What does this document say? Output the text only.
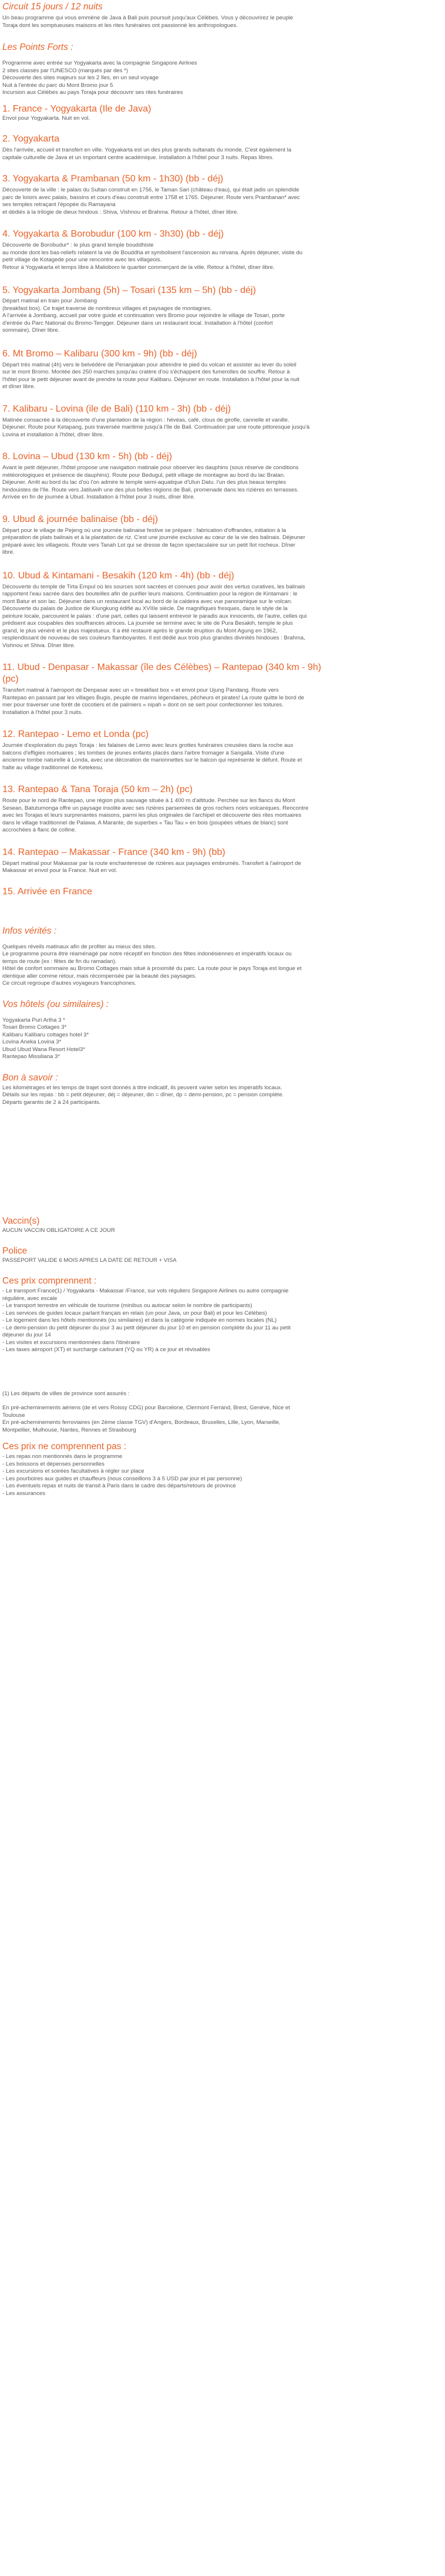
Circuit 15 jours / 12 nuits

Un beau programme qui vous emmène de Java à Bali puis poursuit jusqu'aux Célèbes. Vous y découvrirez le peuple
Toraja dont les somptueuses maisons et les rites funéraires ont passionné les anthropologues.

Les Points Forts :

Programme avec entrée sur Yogyakarta avec la compagnie Singapore Airlines

2 sites classés par l'UNESCO (marqués par des *)

Découverte des sites majeurs sur les 2 îles, en un seul voyage

Nuit à l'entrée du parc du Mont Bromo jour 5

Incursion aux Célèbes au pays Toraja pour découvrir ses rites funéraires

1. France - Yogyakarta (Ile de Java)

Envol pour Yogyakarta. Nuit en vol.

2. Yogyakarta

Dès l'arrivée, accueil et transfert en ville. Yogyakarta est un des plus grands sultanats du monde. C'est également la
capitale culturelle de Java et un important centre académique. Installation à l'hôtel pour 3 nuits. Repas libres.

3. Yogyakarta & Prambanan (50 km - 1h30) (bb - déj)

Découverte de la ville : le palais du Sultan construit en 1756, le Taman Sari (château d'eau), qui était jadis un splendide
parc de loisirs avec palais, bassins et cours d'eau construit entre 1758 et 1765. Déjeuner. Route vers Prambanan* avec
ses temples retraçant l'épopée du Ramayana
et dédiés à la trilogie de dieux hindous : Shiva, Vishnou et Brahma. Retour à l'hôtel, dîner libre.

4. Yogyakarta & Borobudur (100 km - 3h30) (bb - déj)

Découverte de Borobudur* : le plus grand temple bouddhiste
au monde dont les bas-reliefs relatent la vie de Bouddha et symbolisent l'ascension au nirvana. Après déjeuner, visite du
petit village de Kotagede pour une rencontre avec les villageois.
Retour à Yogyakarta et temps libre à Malioboro le quartier commerçant de la ville. Retour à l'hôtel, dîner libre.

5. Yogyakarta Jombang (5h) – Tosari (135 km – 5h) (bb - déj)

Départ matinal en train pour Jombang
(breakfast box). Ce trajet traverse de nombreux villages et paysages de montagnes.
A l'arrivée à Jombang, accueil par votre guide et continuation vers Bromo pour rejoindre le village de Tosari, porte
d'entrée du Parc National du Bromo-Tengger. Déjeuner dans un restaurant local. Installation à l'hôtel (confort
sommaire). Dîner libre.

6. Mt Bromo – Kalibaru (300 km - 9h) (bb - déj)

Départ très matinal (4h) vers le belvédère de Penanjakan pour atteindre le pied du volcan et assister au lever du soleil
sur le mont Bromo. Montée des 250 marches jusqu'au cratère d'où s'échappent des fumerolles de souffre. Retour à
l'hôtel pour le petit déjeuner avant de prendre la route pour Kalibaru. Déjeuner en route. Installation à l'hôtel pour la nuit
et dîner libre.

7. Kalibaru - Lovina (ile de Bali) (110 km - 3h) (bb - déj)

Matinée consacrée à la découverte d'une plantation de la région : hévéas, café, clous de girofle, cannelle et vanille.
Déjeuner. Route pour Ketapang, puis traversée maritime jusqu'à l'île de Bali. Continuation par une route pittoresque jusqu'à
Lovina et installation à l'hôtel, dîner libre.

8. Lovina – Ubud (130 km - 5h) (bb - déj)

Avant le petit déjeuner, l'hôtel propose une navigation matinale pour observer les dauphins (sous réserve de conditions
météorologiques et présence de dauphins). Route pour Bedugul, petit village de montagne au bord du lac Bratan.
Déjeuner. Arrêt au bord du lac d'où l'on admire le temple semi-aquatique d'Ulun Datu. l'un des plus beaux temples
hindouistes de l'île. Route vers Jatiluwih une des plus belles régions de Bali, promenade dans les rizières en terrasses.
Arrivée en fin de journée à Ubud. Installation à l'hôtel pour 3 nuits, dîner libre.

9. Ubud & journée balinaise (bb - déj)

Départ pour le village de Pejeng où une journée balinaise festive se prépare : fabrication d'offrandes, initiation à la
préparation de plats balinais et à la plantation de riz. C'est une journée exclusive au cœur de la vie des balinais. Déjeuner
préparé avec les villageois. Route vers Tanah Lot qui se dresse de façon spectaculaire sur un petit îlot rocheux. Dîner
libre.

10. Ubud & Kintamani - Besakih (120 km - 4h) (bb - déj)

Découverte du temple de Tirta Empul où les sources sont sacrées et connues pour avoir des vertus curatives, les balinais
rapportent l'eau sacrée dans des bouteilles afin de purifier leurs maisons. Continuation pour la région de Kintamani : le
mont Batur et son lac. Déjeuner dans un restaurant local au bord de la caldeira avec vue panoramique sur le volcan.
Découverte du palais de Justice de Klungkung édifié au XVIIIe siècle. De magnifiques fresques, dans le style de la
peinture locale, parcourent le palais : d'une part, celles qui laissent entrevoir le paradis aux innocents, de l'autre, celles qui
prédisent aux coupables des souffrances atroces. La journée se termine avec le site de Pura Besakih, temple le plus
grand, le plus vénéré et le plus majestueux. Il a été restauré après le grande éruption du Mont Agung en 1962,
resplendissant de nouveau de ses couleurs flamboyantes. Il est dédié aux trois plus grandes divinités hindoues : Brahma,
Vishnou et Shiva. Dîner libre.

11. Ubud - Denpasar - Makassar (île des Célèbes) – Rantepao (340 km - 9h)
(pc)

Transfert matinal à l'aéroport de Denpasar avec un « breakfast box » et envol pour Ujung Pandang. Route vers
Rantepao en passant par les villages Bugis, peuple de marins légendaires, pêcheurs et pirates! La route quitte le bord de
mer pour traverser une forêt de cocotiers et de palmiers « nipah » dont on se sert pour confectionner les toitures.
Installation à l'hôtel pour 3 nuits.

12. Rantepao - Lemo et Londa (pc)

Journée d'exploration du pays Toraja : les falaises de Lemo avec leurs grottes funéraires creusées dans la roche aux
balcons d'effigies mortuaires ; les tombes de jeunes enfants placés dans l'arbre fromager à Sangalla. Visite d'une
ancienne tombe naturelle à Londa, avec une décoration de marionnettes sur le balcon qui représente le défunt. Route et
halte au village traditionnel de Ketekesu.

13. Rantepao & Tana Toraja (50 km – 2h) (pc)

Route pour le nord de Rantepao, une région plus sauvage située à 1 400 m d'altitude. Perchée sur les flancs du Mont
Sesean, Batutumonga offre un paysage insolite avec ses rizières parsemées de gros rochers noirs volcaniques. Rencontre
avec les Torajas et leurs surprenantes maisons, parmi les plus originales de l'archipel et découverte des rites mortuaires
dans le village traditionnel de Palawa. A Marante, de superbes « Tau Tau » en bois (poupées vêtues de blanc) sont
accrochées à flanc de colline.

14. Rantepao – Makassar - France (340 km - 9h) (bb)

Départ matinal pour Makassar par la route enchanteresse de rizières aux paysages embrumés. Transfert à l'aéroport de
Makassar et envol pour la France. Nuit en vol.

15. Arrivée en France
Infos vérités :

Quelques réveils matinaux afin de profiter au mieux des sites.
Le programme pourra être réaménagé par notre réceptif en fonction des fêtes indonésiennes et impératifs locaux ou
temps de route (ex : fêtes de fin du ramadan).
Hôtel de confort sommaire au Bromo Cottages mais situé à proximité du parc. La route pour le pays Toraja est longue et
identique aller comme retour, mais récompensée par la beauté des paysages.
Ce circuit regroupe d'autres voyageurs francophones.

Vos hôtels (ou similaires) :

Yogyakarta Puri Artha 3 *

Tosari Bromo Cottages 3*

Kalibaru Kalibaru cottages hotel 3*

Lovina Aneka Lovina 3*

Ubud Ubud Wana Resort Hotel3*

Rantepao Missiliana 3*

Bon à savoir :

Les kilométrages et les temps de trajet sont donnés à titre indicatif, ils peuvent varier selon les impératifs locaux.
Détails sur les repas : bb = petit déjeuner, déj = déjeuner, din = dîner, dp = demi-pension, pc = pension complète.
Départs garantis de 2 à 24 participants.

Vaccin(s)

AUCUN VACCIN OBLIGATOIRE A CE JOUR

Police

PASSEPORT VALIDE 6 MOIS APRES LA DATE DE RETOUR + VISA

Ces prix comprennent :

- Le transport France(1) / Yogyakarta - Makassar /France, sur vols réguliers Singapore Airlines ou autre compagnie

régulière, avec escale

- Le transport terrestre en véhicule de tourisme (minibus ou autocar selon le nombre de participants)

- Les services de guides locaux parlant français en relais (un pour Java, un pour Bali) et pour les Célèbes)

- Le logement dans les hôtels mentionnés (ou similaires) et dans la catégorie indiquée en normes locales (NL)

- Le demi-pension du petit déjeuner du jour 3 au petit déjeuner du jour 10 et en pension complète du jour 11 au petit

déjeuner du jour 14

- Les visites et excursions mentionnées dans l'itinéraire

- Les taxes aéroport (XT) et surcharge carburant (YQ ou YR) à ce jour et révisables

(1) Les départs de villes de province sont assurés :

En pré-acheminements aériens (de et vers Roissy CDG) pour Barcelone, Clermont Ferrand, Brest, Genève, Nice et

Toulouse

En pré-acheminements ferroviaires (en 2ème classe TGV) d'Angers, Bordeaux, Bruxelles, Lille, Lyon, Marseille,

Montpellier, Mulhouse, Nantes, Rennes et Strasbourg

Ces prix ne comprennent pas :

- Les repas non mentionnés dans le programme

- Les boissons et dépenses personnelles

- Les excursions et soirées facultatives à régler sur place

- Les pourboires aux guides et chauffeurs (nous conseillons 3 à 5 USD par jour et par personne)

- Les éventuels repas et nuits de transit à Paris dans le cadre des départs/retours de province

- Les assurances
